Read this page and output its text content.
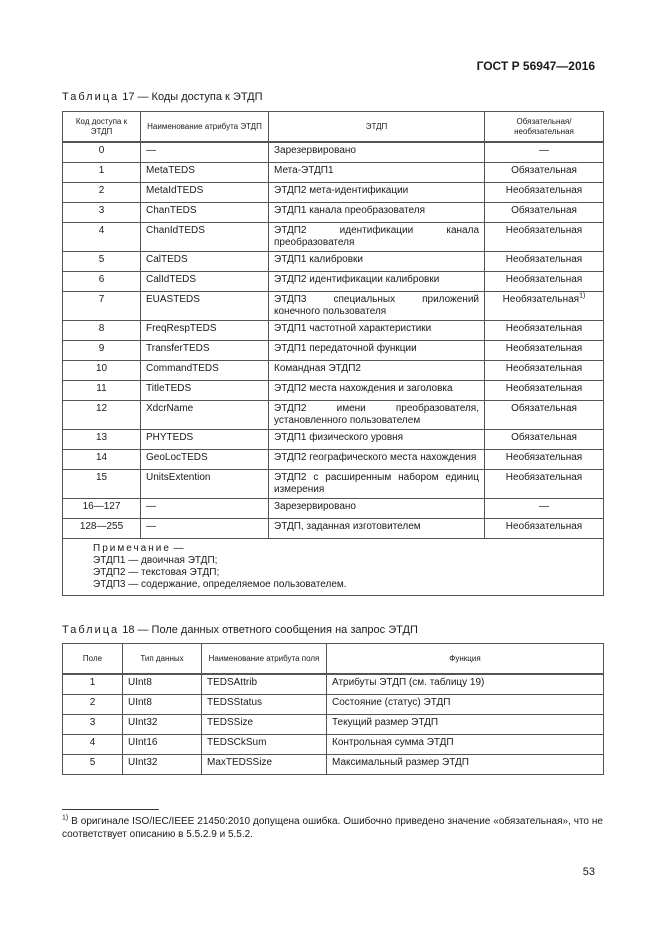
ГОСТ Р 56947—2016
Таблица 17 — Коды доступа к ЭТДП
Код доступа к ЭТДП	Наименование атрибута ЭТДП	ЭТДП	Обязательная/ необязательная
0	—	Зарезервировано	—
1	MetaTEDS	Мета-ЭТДП1	Обязательная
2	MetaIdTEDS	ЭТДП2 мета-идентификации	Необязательная
3	ChanTEDS	ЭТДП1 канала преобразователя	Обязательная
4	ChanIdTEDS	ЭТДП2 идентификации канала преобразователя	Необязательная
5	CalTEDS	ЭТДП1 калибровки	Необязательная
6	CalIdTEDS	ЭТДП2 идентификации калибровки	Необязательная
7	EUASTEDS	ЭТДП3 специальных приложений конечного пользователя	Необязательная$^{1)}$
8	FreqRespTEDS	ЭТДП1 частотной характеристики	Необязательная
9	TransferTEDS	ЭТДП1 передаточной функции	Необязательная
10	CommandTEDS	Командная ЭТДП2	Необязательная
11	TitleTEDS	ЭТДП2 места нахождения и заголовка	Необязательная
12	XdcrName	ЭТДП2 имени преобразователя, установленного пользователем	Обязательная
13	PHYTEDS	ЭТДП1 физического уровня	Обязательная
14	GeoLocTEDS	ЭТДП2 географического места нахождения	Необязательная
15	UnitsExtention	ЭТДП2 с расширенным набором единиц измерения	Необязательная
16—127	—	Зарезервировано	—
128—255	—	ЭТДП, заданная изготовителем	Необязательная

Примечание —
ЭТДП1 — двоичная ЭТДП;
ЭТДП2 — текстовая ЭТДП;
ЭТДП3 — содержание, определяемое пользователем.			
Таблица 18 — Поле данных ответного сообщения на запрос ЭТДП
Поле	Тип данных	Наименование атрибута поля	Функция
1	UInt8	TEDSAttrib	Атрибуты ЭТДП (см. таблицу 19)
2	UInt8	TEDSStatus	Состояние (статус) ЭТДП
3	UInt32	TEDSSize	Текущий размер ЭТДП
4	UInt16	TEDSCkSum	Контрольная сумма ЭТДП
5	UInt32	MaxTEDSSize	Максимальный размер ЭТДП
$^{1)}$ В оригинале ISO/IEC/IEEE 21450:2010 допущена ошибка. Ошибочно приведено значение «обязательная», что не соответствует описанию в 5.5.2.9 и 5.5.2.
53
